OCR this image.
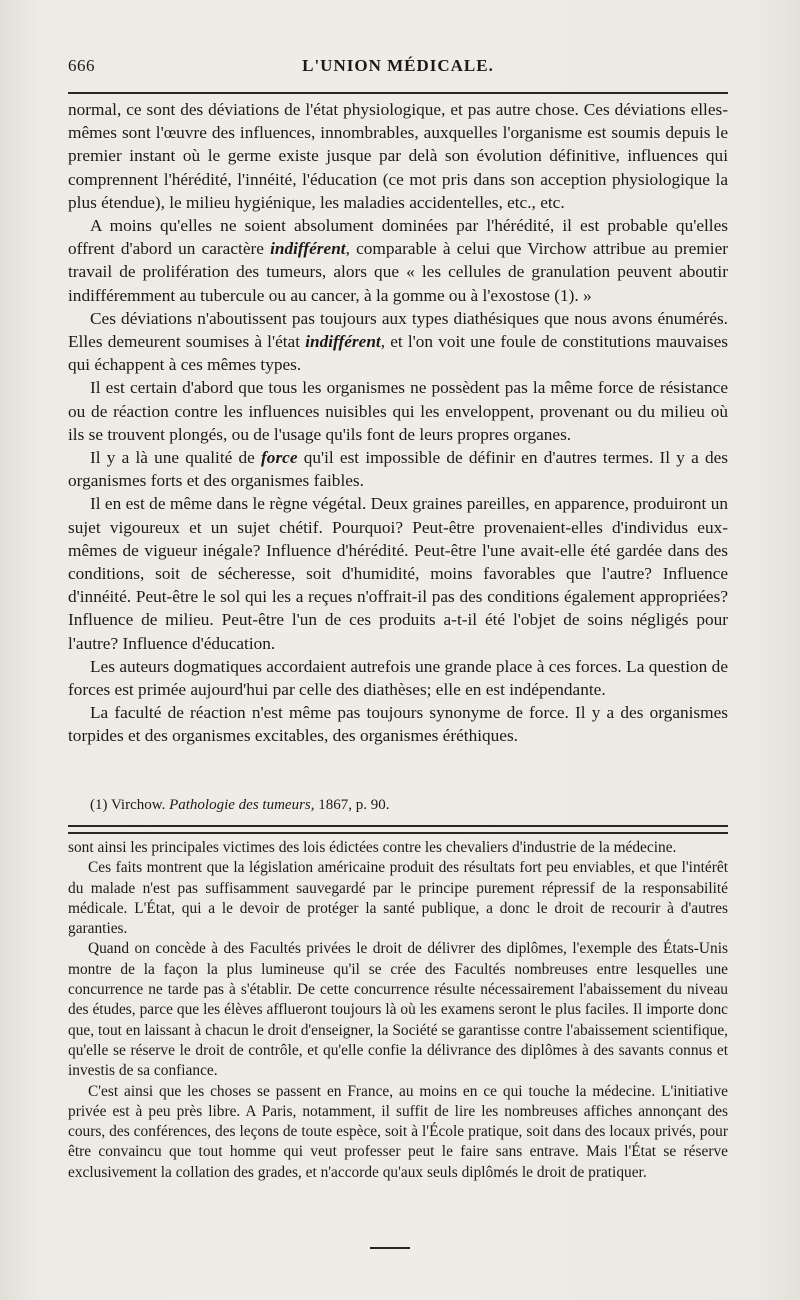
666	L'UNION MÉDICALE.

normal, ce sont des déviations de l'état physiologique, et pas autre chose. Ces déviations elles-mêmes sont l'œuvre des influences, innombrables, auxquelles l'organisme est soumis depuis le premier instant où le germe existe jusque par delà son évolution définitive, influences qui comprennent l'hérédité, l'innéité, l'éducation (ce mot pris dans son acception physiologique la plus étendue), le milieu hygiénique, les maladies accidentelles, etc., etc.

A moins qu'elles ne soient absolument dominées par l'hérédité, il est probable qu'elles offrent d'abord un caractère indifférent, comparable à celui que Virchow attribue au premier travail de prolifération des tumeurs, alors que « les cellules de granulation peuvent aboutir indifféremment au tubercule ou au cancer, à la gomme ou à l'exostose (1). »

Ces déviations n'aboutissent pas toujours aux types diathésiques que nous avons énumérés. Elles demeurent soumises à l'état indifférent, et l'on voit une foule de constitutions mauvaises qui échappent à ces mêmes types.

Il est certain d'abord que tous les organismes ne possèdent pas la même force de résistance ou de réaction contre les influences nuisibles qui les enveloppent, provenant ou du milieu où ils se trouvent plongés, ou de l'usage qu'ils font de leurs propres organes.

Il y a là une qualité de force qu'il est impossible de définir en d'autres termes. Il y a des organismes forts et des organismes faibles.

Il en est de même dans le règne végétal. Deux graines pareilles, en apparence, produiront un sujet vigoureux et un sujet chétif. Pourquoi? Peut-être provenaient-elles d'individus eux-mêmes de vigueur inégale? Influence d'hérédité. Peut-être l'une avait-elle été gardée dans des conditions, soit de sécheresse, soit d'humidité, moins favorables que l'autre? Influence d'innéité. Peut-être le sol qui les a reçues n'offrait-il pas des conditions également appropriées? Influence de milieu. Peut-être l'un de ces produits a-t-il été l'objet de soins négligés pour l'autre? Influence d'éducation.

Les auteurs dogmatiques accordaient autrefois une grande place à ces forces. La question de forces est primée aujourd'hui par celle des diathèses; elle en est indépendante.

La faculté de réaction n'est même pas toujours synonyme de force. Il y a des organismes torpides et des organismes excitables, des organismes éréthiques.

(1) Virchow. Pathologie des tumeurs, 1867, p. 90.

sont ainsi les principales victimes des lois édictées contre les chevaliers d'industrie de la médecine.

Ces faits montrent que la législation américaine produit des résultats fort peu enviables, et que l'intérêt du malade n'est pas suffisamment sauvegardé par le principe purement répressif de la responsabilité médicale. L'État, qui a le devoir de protéger la santé publique, a donc le droit de recourir à d'autres garanties.

Quand on concède à des Facultés privées le droit de délivrer des diplômes, l'exemple des États-Unis montre de la façon la plus lumineuse qu'il se crée des Facultés nombreuses entre lesquelles une concurrence ne tarde pas à s'établir. De cette concurrence résulte nécessairement l'abaissement du niveau des études, parce que les élèves afflueront toujours là où les examens seront le plus faciles. Il importe donc que, tout en laissant à chacun le droit d'enseigner, la Société se garantisse contre l'abaissement scientifique, qu'elle se réserve le droit de contrôle, et qu'elle confie la délivrance des diplômes à des savants connus et investis de sa confiance.

C'est ainsi que les choses se passent en France, au moins en ce qui touche la médecine. L'initiative privée est à peu près libre. A Paris, notamment, il suffit de lire les nombreuses affiches annonçant des cours, des conférences, des leçons de toute espèce, soit à l'École pratique, soit dans des locaux privés, pour être convaincu que tout homme qui veut professer peut le faire sans entrave. Mais l'État se réserve exclusivement la collation des grades, et n'accorde qu'aux seuls diplômés le droit de pratiquer.
